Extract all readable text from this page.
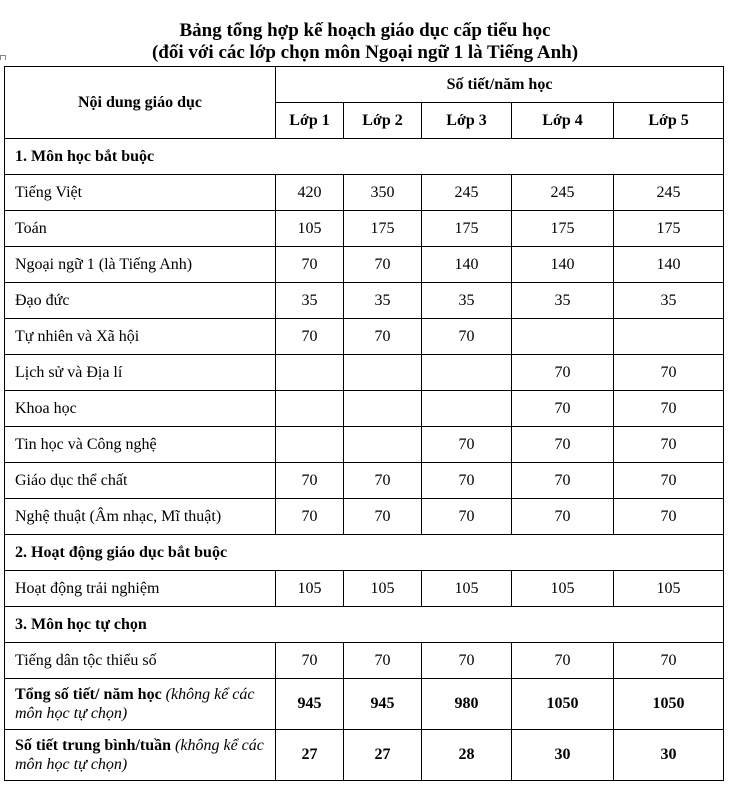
Bảng tổng hợp kế hoạch giáo dục cấp tiểu học
(đối với các lớp chọn môn Ngoại ngữ 1 là Tiếng Anh)
Nội dung giáo dục	Số tiết/năm học				
	Lớp 1	Lớp 2	Lớp 3	Lớp 4	Lớp 5
1. Môn học bắt buộc					
Tiếng Việt	420	350	245	245	245
Toán	105	175	175	175	175
Ngoại ngữ 1 (là Tiếng Anh)	70	70	140	140	140
Đạo đức	35	35	35	35	35
Tự nhiên và Xã hội	70	70	70		
Lịch sử và Địa lí				70	70
Khoa học				70	70
Tin học và Công nghệ			70	70	70
Giáo dục thể chất	70	70	70	70	70
Nghệ thuật (Âm nhạc, Mĩ thuật)	70	70	70	70	70
2. Hoạt động giáo dục bắt buộc					
Hoạt động trải nghiệm	105	105	105	105	105
3. Môn học tự chọn					
Tiếng dân tộc thiểu số	70	70	70	70	70
Tổng số tiết/ năm học (không kể các môn học tự chọn)	945	945	980	1050	1050
Số tiết trung bình/tuần (không kể các môn học tự chọn)	27	27	28	30	30
